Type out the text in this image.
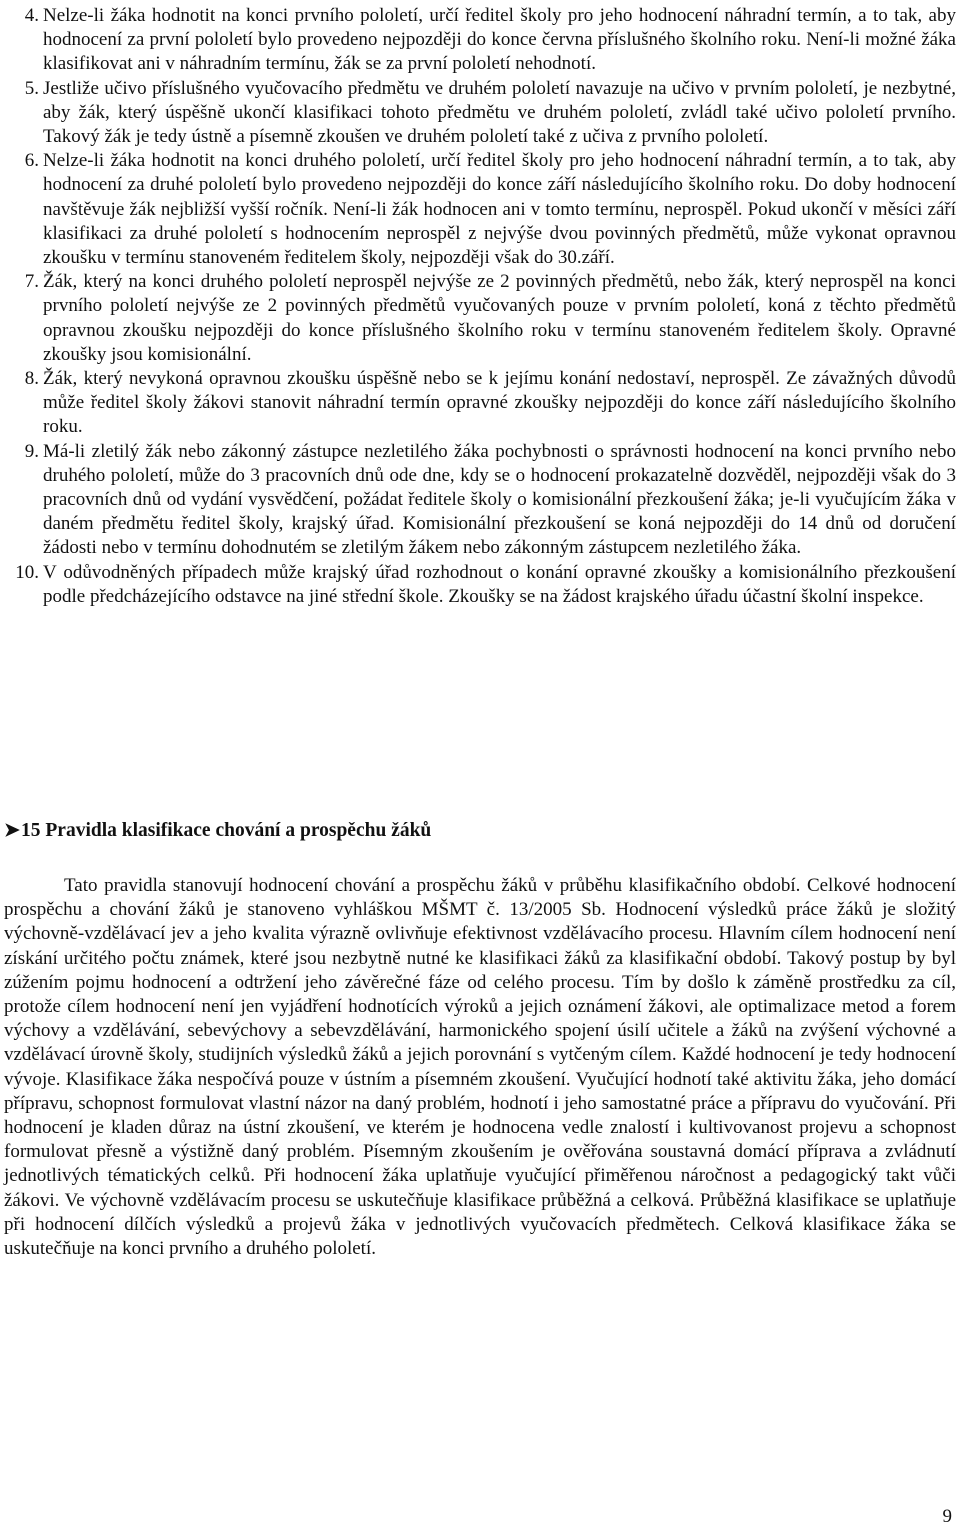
4. Nelze-li žáka hodnotit na konci prvního pololetí, určí ředitel školy pro jeho hodnocení náhradní termín, a to tak, aby hodnocení za první pololetí bylo provedeno nejpozději do konce června příslušného školního roku. Není-li možné žáka klasifikovat ani v náhradním termínu, žák se za první pololetí nehodnotí.
5. Jestliže učivo příslušného vyučovacího předmětu ve druhém pololetí navazuje na učivo v prvním pololetí, je nezbytné, aby žák, který úspěšně ukončí klasifikaci tohoto předmětu ve druhém pololetí, zvládl také učivo pololetí prvního. Takový žák je tedy ústně a písemně zkoušen ve druhém pololetí také z učiva z prvního pololetí.
6. Nelze-li žáka hodnotit na konci druhého pololetí, určí ředitel školy pro jeho hodnocení náhradní termín, a to tak, aby hodnocení za druhé pololetí bylo provedeno nejpozději do konce září následujícího školního roku. Do doby hodnocení navštěvuje žák nejbližší vyšší ročník. Není-li žák hodnocen ani v tomto termínu, neprospěl. Pokud ukončí v měsíci září klasifikaci za druhé pololetí s hodnocením neprospěl z nejvýše dvou povinných předmětů, může vykonat opravnou zkoušku v termínu stanoveném ředitelem školy, nejpozději však do 30.září.
7. Žák, který na konci druhého pololetí neprospěl nejvýše ze 2 povinných předmětů, nebo žák, který neprospěl na konci prvního pololetí nejvýše ze 2 povinných předmětů vyučovaných pouze v prvním pololetí, koná z těchto předmětů opravnou zkoušku nejpozději do konce příslušného školního roku v termínu stanoveném ředitelem školy. Opravné zkoušky jsou komisionální.
8. Žák, který nevykoná opravnou zkoušku úspěšně nebo se k jejímu konání nedostaví, neprospěl. Ze závažných důvodů může ředitel školy žákovi stanovit náhradní termín opravné zkoušky nejpozději do konce září následujícího školního roku.
9. Má-li zletilý žák nebo zákonný zástupce nezletilého žáka pochybnosti o správnosti hodnocení na konci prvního nebo druhého pololetí, může do 3 pracovních dnů ode dne, kdy se o hodnocení prokazatelně dozvěděl, nejpozději však do 3 pracovních dnů od vydání vysvědčení, požádat ředitele školy o komisionální přezkoušení žáka; je-li vyučujícím žáka v daném předmětu ředitel školy, krajský úřad. Komisionální přezkoušení se koná nejpozději do 14 dnů od doručení žádosti nebo v termínu dohodnutém se zletilým žákem nebo zákonným zástupcem nezletilého žáka.
10. V odůvodněných případech může krajský úřad rozhodnout o konání opravné zkoušky a komisionálního přezkoušení podle předcházejícího odstavce na jiné střední škole. Zkoušky se na žádost krajského úřadu účastní školní inspekce.
➤ 15 Pravidla klasifikace chování a prospěchu žáků

Tato pravidla stanovují hodnocení chování a prospěchu žáků v průběhu klasifikačního období. Celkové hodnocení prospěchu a chování žáků je stanoveno vyhláškou MŠMT č. 13/2005 Sb. Hodnocení výsledků práce žáků je složitý výchovně-vzdělávací jev a jeho kvalita výrazně ovlivňuje efektivnost vzdělávacího procesu. Hlavním cílem hodnocení není získání určitého počtu známek, které jsou nezbytně nutné ke klasifikaci žáků za klasifikační období. Takový postup by byl zúžením pojmu hodnocení a odtržení jeho závěrečné fáze od celého procesu. Tím by došlo k záměně prostředku za cíl, protože cílem hodnocení není jen vyjádření hodnotících výroků a jejich oznámení žákovi, ale optimalizace metod a forem výchovy a vzdělávání, sebevýchovy a sebevzdělávání, harmonického spojení úsilí učitele a žáků na zvýšení výchovné a vzdělávací úrovně školy, studijních výsledků žáků a jejich porovnání s vytčeným cílem. Každé hodnocení je tedy hodnocení vývoje. Klasifikace žáka nespočívá pouze v ústním a písemném zkoušení. Vyučující hodnotí také aktivitu žáka, jeho domácí přípravu, schopnost formulovat vlastní názor na daný problém, hodnotí i jeho samostatné práce a přípravu do vyučování. Při hodnocení je kladen důraz na ústní zkoušení, ve kterém je hodnocena vedle znalostí i kultivovanost projevu a schopnost formulovat přesně a výstižně daný problém. Písemným zkoušením je ověřována soustavná domácí příprava a zvládnutí jednotlivých tématických celků. Při hodnocení žáka uplatňuje vyučující přiměřenou náročnost a pedagogický takt vůči žákovi. Ve výchovně vzdělávacím procesu se uskutečňuje klasifikace průběžná a celková. Průběžná klasifikace se uplatňuje při hodnocení dílčích výsledků a projevů žáka v jednotlivých vyučovacích předmětech. Celková klasifikace žáka se uskutečňuje na konci prvního a druhého pololetí.

9
